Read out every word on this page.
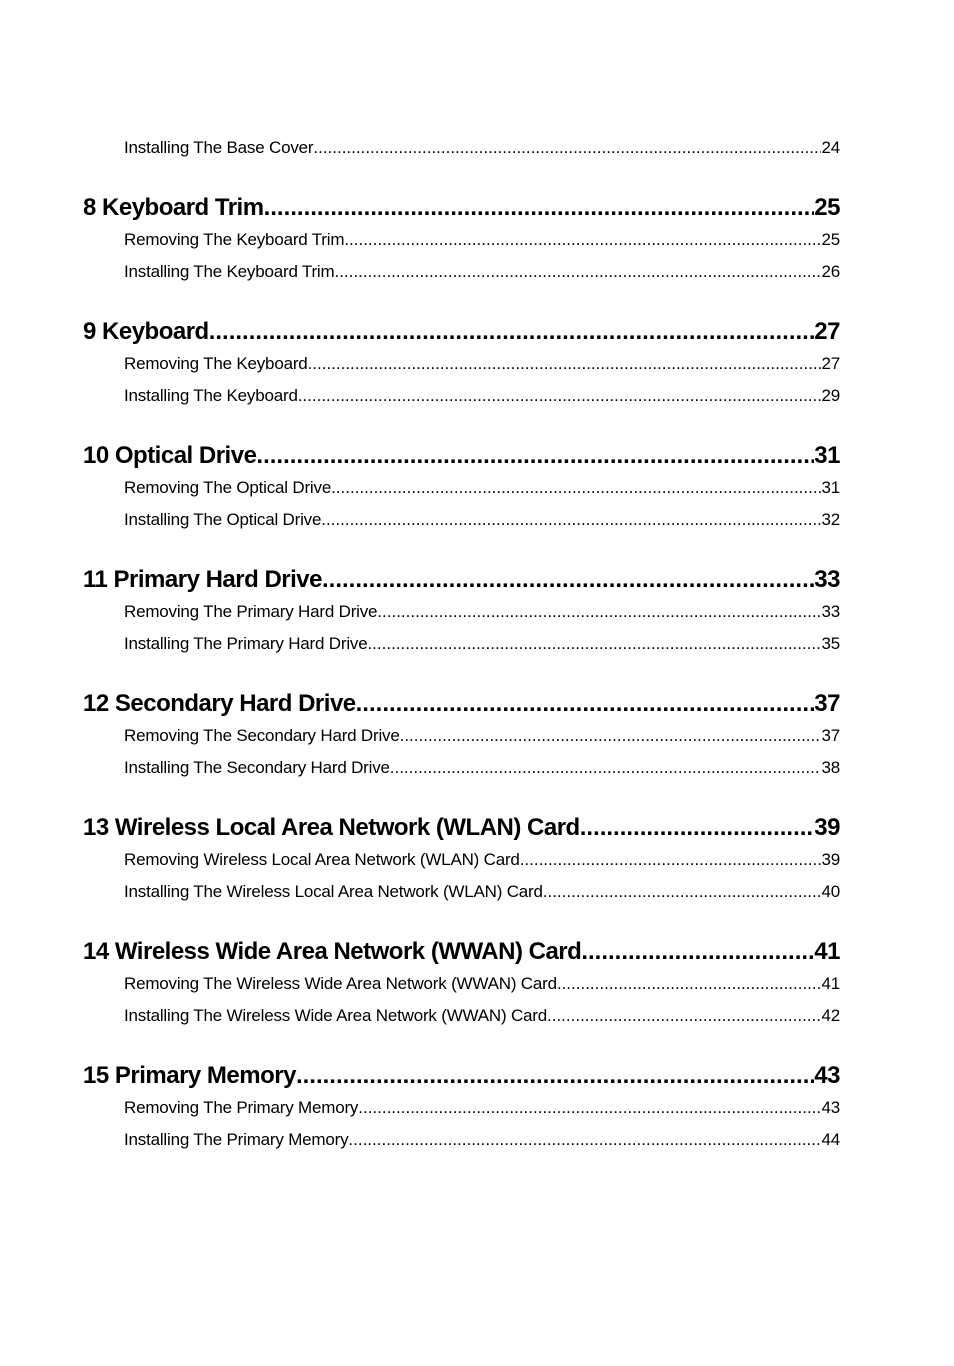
Installing The Base Cover .....	24
8 Keyboard Trim .....	25
Removing The Keyboard Trim .....	25
Installing The Keyboard Trim .....	26
9 Keyboard .....	27
Removing The Keyboard .....	27
Installing The Keyboard .....	29
10 Optical Drive .....	31
Removing The Optical Drive .....	31
Installing The Optical Drive .....	32
11 Primary Hard Drive .....	33
Removing The Primary Hard Drive .....	33
Installing The Primary Hard Drive .....	35
12 Secondary Hard Drive .....	37
Removing The Secondary Hard Drive .....	37
Installing The Secondary Hard Drive .....	38
13 Wireless Local Area Network (WLAN) Card .....	39
Removing Wireless Local Area Network (WLAN) Card .....	39
Installing The Wireless Local Area Network (WLAN) Card .....	40
14 Wireless Wide Area Network (WWAN) Card .....	41
Removing The Wireless Wide Area Network (WWAN) Card .....	41
Installing The Wireless Wide Area Network (WWAN) Card .....	42
15 Primary Memory .....	43
Removing The Primary Memory .....	43
Installing The Primary Memory .....	44
